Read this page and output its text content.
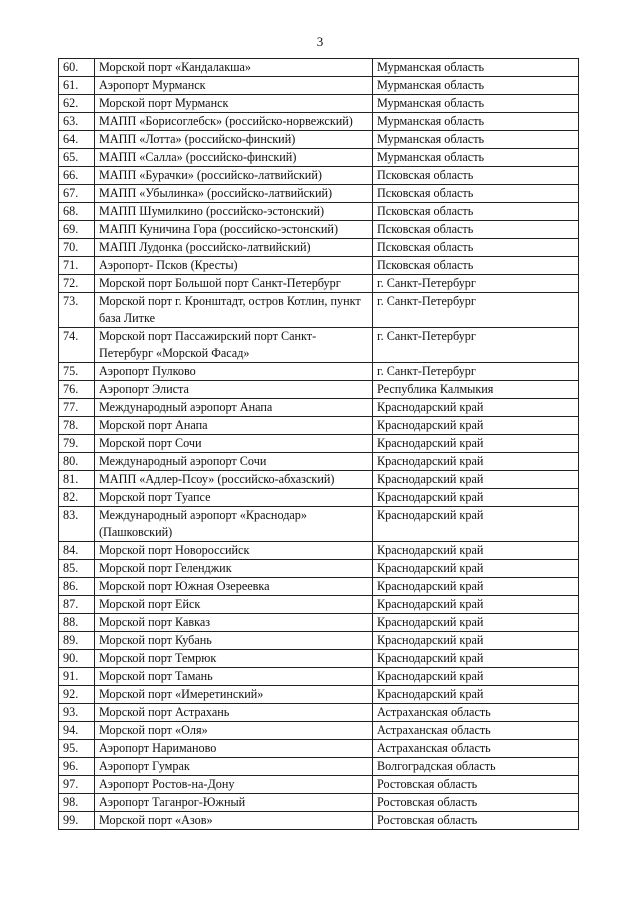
3
60.	Морской порт «Кандалакша»	Мурманская область
61.	Аэропорт Мурманск	Мурманская область
62.	Морской порт Мурманск	Мурманская область
63.	МАПП «Борисоглебск» (российско-норвежский)	Мурманская область
64.	МАПП «Лотта» (российско-финский)	Мурманская область
65.	МАПП «Салла» (российско-финский)	Мурманская область
66.	МАПП «Бурачки» (российско-латвийский)	Псковская область
67.	МАПП «Убылинка» (российско-латвийский)	Псковская область
68.	МАПП Шумилкино (российско-эстонский)	Псковская область
69.	МАПП Куничина Гора (российско-эстонский)	Псковская область
70.	МАПП Лудонка (российско-латвийский)	Псковская область
71.	Аэропорт- Псков (Кресты)	Псковская область
72.	Морской порт Большой порт Санкт-Петербург	г. Санкт-Петербург
73.	Морской порт г. Кронштадт, остров Котлин, пункт база Литке	г. Санкт-Петербург
74.	Морской порт Пассажирский порт Санкт-Петербург «Морской Фасад»	г. Санкт-Петербург
75.	Аэропорт Пулково	г. Санкт-Петербург
76.	Аэропорт Элиста	Республика Калмыкия
77.	Международный аэропорт Анапа	Краснодарский край
78.	Морской порт Анапа	Краснодарский край
79.	Морской порт Сочи	Краснодарский край
80.	Международный аэропорт Сочи	Краснодарский край
81.	МАПП «Адлер-Псоу» (российско-абхазский)	Краснодарский край
82.	Морской порт Туапсе	Краснодарский край
83.	Международный аэропорт «Краснодар» (Пашковский)	Краснодарский край
84.	Морской порт Новороссийск	Краснодарский край
85.	Морской порт Геленджик	Краснодарский край
86.	Морской порт Южная Озереевка	Краснодарский край
87.	Морской порт Ейск	Краснодарский край
88.	Морской порт Кавказ	Краснодарский край
89.	Морской порт Кубань	Краснодарский край
90.	Морской порт Темрюк	Краснодарский край
91.	Морской порт Тамань	Краснодарский край
92.	Морской порт «Имеретинский»	Краснодарский край
93.	Морской порт Астрахань	Астраханская область
94.	Морской порт «Оля»	Астраханская область
95.	Аэропорт Нариманово	Астраханская область
96.	Аэропорт Гумрак	Волгоградская область
97.	Аэропорт Ростов-на-Дону	Ростовская область
98.	Аэропорт Таганрог-Южный	Ростовская область
99.	Морской порт «Азов»	Ростовская область
